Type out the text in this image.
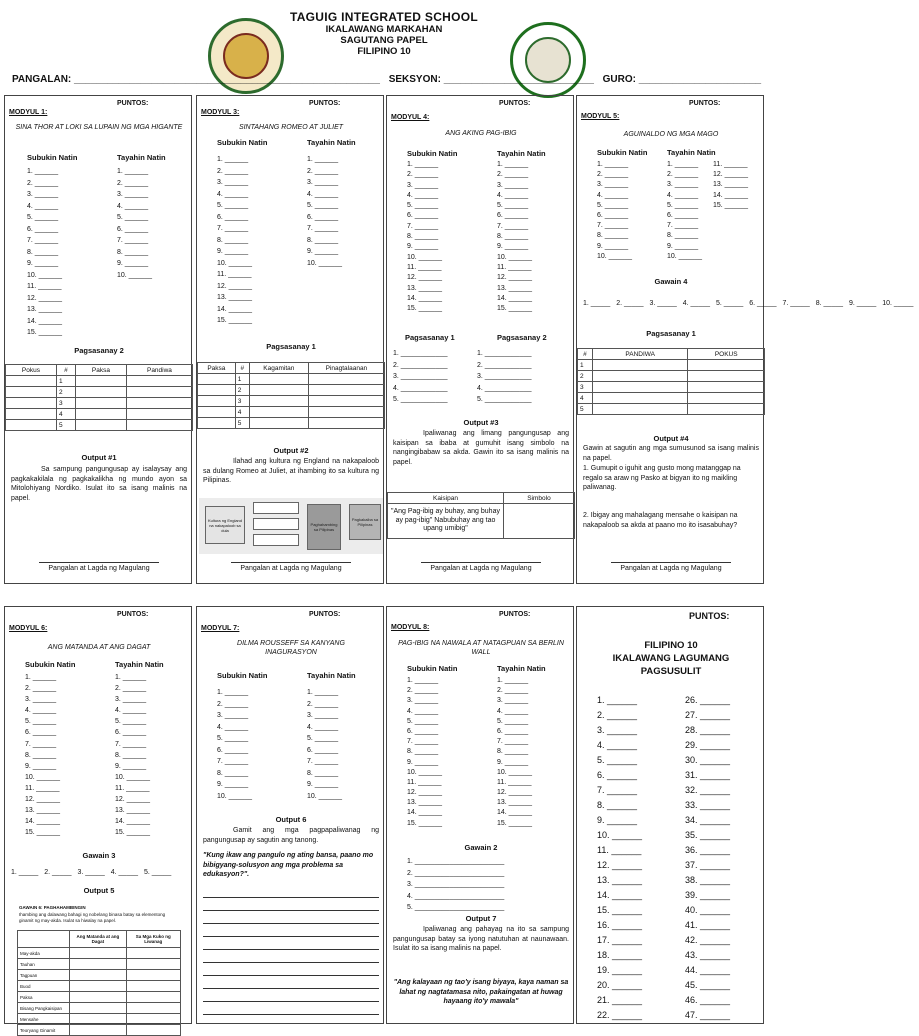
TAGUIG INTEGRATED SCHOOL
IKALAWANG MARKAHAN
SAGUTANG PAPEL
FILIPINO 10
PANGALAN: _______________________________________________________ SEKSYON: ___________________________ GURO: ______________________
PUNTOS:
MODYUL 1:
SINA THOR AT LOKI SA LUPAIN NG MGA HIGANTE
Subukin Natin	Tayahin Natin
1. ______
2. ______
3. ______
4. ______
5. ______
6. ______
7. ______
8. ______
9. ______
10. ______
11. ______
12. ______
13. ______
14. ______
15. ______
1. ______
2. ______
3. ______
4. ______
5. ______
6. ______
7. ______
8. ______
9. ______
10. ______
Pagsasanay 2
Pokus	#	Paksa	Pandiwa
	1		
	2		
	3		
	4		
	5		
Output #1
Sa sampung pangungusap ay isalaysay ang pagkakakilala ng pagkakalikha ng mundo ayon sa Mitolohiyang Nordiko. Isulat ito sa isang malinis na papel.
Pangalan at Lagda ng Magulang
PUNTOS:
MODYUL 3:
SINTAHANG ROMEO AT JULIET
Subukin Natin	Tayahin Natin
1. ______
2. ______
3. ______
4. ______
5. ______
6. ______
7. ______
8. ______
9. ______
10. ______
11. ______
12. ______
13. ______
14. ______
15. ______
1. ______
2. ______
3. ______
4. ______
5. ______
6. ______
7. ______
8. ______
9. ______
10. ______
Pagsasanay 1
Paksa	#	Kagamitan	Pinagtalaanan
	1		
	2		
	3		
	4		
	5		
Output #2
Ilahad ang kultura ng England na nakapaloob sa dulang Romeo at Juliet, at ihambing ito sa kultura ng Pilipinas.
Kultura ng England na nakapaloob sa dula
Paghahambing sa Pilipinas
Pagkakaiba sa Pilipinas
Pangalan at Lagda ng Magulang
PUNTOS:
MODYUL 4:
ANG AKING PAG-IBIG
Subukin Natin	Tayahin Natin
1. ______
2. ______
3. ______
4. ______
5. ______
6. ______
7. ______
8. ______
9. ______
10. ______
11. ______
12. ______
13. ______
14. ______
15. ______
1. ______
2. ______
3. ______
4. ______
5. ______
6. ______
7. ______
8. ______
9. ______
10. ______
11. ______
12. ______
13. ______
14. ______
15. ______
Pagsasanay 1	Pagsasanay 2
1. ____________
2. ____________
3. ____________
4. ____________
5. ____________
1. ____________
2. ____________
3. ____________
4. ____________
5. ____________
Output #3
Ipaliwanag ang limang pangungusap ang kaisipan sa ibaba at gumuhit isang simbolo na nangingibabaw sa akda. Gawin ito sa isang malinis na papel.
Kaisipan	Simbolo
"Ang Pag-ibig ay buhay, ang buhay ay pag-ibig" Nabubuhay ang tao upang umibig"	
Pangalan at Lagda ng Magulang
PUNTOS:
MODYUL 5:
AGUINALDO NG MGA MAGO
Subukin Natin	Tayahin Natin
1. ______
2. ______
3. ______
4. ______
5. ______
6. ______
7. ______
8. ______
9. ______
10. ______
1. ______
2. ______
3. ______
4. ______
5. ______
6. ______
7. ______
8. ______
9. ______
10. ______
11. ______
12. ______
13. ______
14. ______
15. ______
Gawain 4
1. _____ 2. _____ 3. _____ 4. _____ 5. _____ 6. _____ 7. _____ 8. _____ 9. _____ 10. _____
Pagsasanay 1
#	PANDIWA	POKUS
1		
2		
3		
4		
5		
Output #4
Gawin at sagutin ang mga sumusunod sa isang malinis na papel.
1. Gumupit o iguhit ang gusto mong matanggap na regalo sa araw ng Pasko at bigyan ito ng maikling paliwanag.
2. Ibigay ang mahalagang mensahe o kaisipan na nakapaloob sa akda at paano mo ito isasabuhay?
Pangalan at Lagda ng Magulang
PUNTOS:
MODYUL 6:
ANG MATANDA AT ANG DAGAT
Subukin Natin	Tayahin Natin
1. ______
2. ______
3. ______
4. ______
5. ______
6. ______
7. ______
8. ______
9. ______
10. ______
11. ______
12. ______
13. ______
14. ______
15. ______
1. ______
2. ______
3. ______
4. ______
5. ______
6. ______
7. ______
8. ______
9. ______
10. ______
11. ______
12. ______
13. ______
14. ______
15. ______
Gawain 3
1. _____ 2. _____ 3. _____ 4. _____ 5. _____
Output 5
GAWAIN 6: PAGHAHAMBINGIN
Ihambing ang dalawang bahagi ng nobelang binasa batay sa elementong ginamit ng may-akda. Isulat sa hiwalay na papel.
	Ang Matanda at ang Dagat	Sa Mga Kuko ng Liwanag
May-akda		
Tauhan		
Tagpuan		
Buod		
Paksa		
Bisang Pangkaisipan		
Mensahe		
Teoryang Ginamit		
PUNTOS:
MODYUL 7:
DILMA ROUSSEFF SA KANYANG INAGURASYON
Subukin Natin	Tayahin Natin
1. ______
2. ______
3. ______
4. ______
5. ______
6. ______
7. ______
8. ______
9. ______
10. ______
1. ______
2. ______
3. ______
4. ______
5. ______
6. ______
7. ______
8. ______
9. ______
10. ______
Output 6
Gamit ang mga pagpapaliwanag ng pangungusap ay sagutin ang tanong.
"Kung ikaw ang pangulo ng ating bansa, paano mo bibigyang-solusyon ang mga problema sa edukasyon?".
PUNTOS:
MODYUL 8:
PAG-IBIG NA NAWALA AT NATAGPUAN SA BERLIN WALL
Subukin Natin	Tayahin Natin
1. ______
2. ______
3. ______
4. ______
5. ______
6. ______
7. ______
8. ______
9. ______
10. ______
11. ______
12. ______
13. ______
14. ______
15. ______
1. ______
2. ______
3. ______
4. ______
5. ______
6. ______
7. ______
8. ______
9. ______
10. ______
11. ______
12. ______
13. ______
14. ______
15. ______
Gawain 2
1. _______________________
2. _______________________
3. _______________________
4. _______________________
5. _______________________
Output 7
Ipaliwanag ang pahayag na ito sa sampung pangungusap batay sa iyong natutuhan at naunawaan. Isulat ito sa isang malinis na papel.
"Ang kalayaan ng tao'y isang biyaya, kaya naman sa lahat ng nagtatamasa nito, pakaingatan at huwag hayaang ito'y mawala"
PUNTOS:
FILIPINO 10
IKALAWANG LAGUMANG
PAGSUSULIT
1. ______
2. ______
3. ______
4. ______
5. ______
6. ______
7. ______
8. ______
9. ______
10. ______
11. ______
12. ______
13. ______
14. ______
15. ______
16. ______
17. ______
18. ______
19. ______
20. ______
21. ______
22. ______
26. ______
27. ______
28. ______
29. ______
30. ______
31. ______
32. ______
33. ______
34. ______
35. ______
36. ______
37. ______
38. ______
39. ______
40. ______
41. ______
42. ______
43. ______
44. ______
45. ______
46. ______
47. ______
